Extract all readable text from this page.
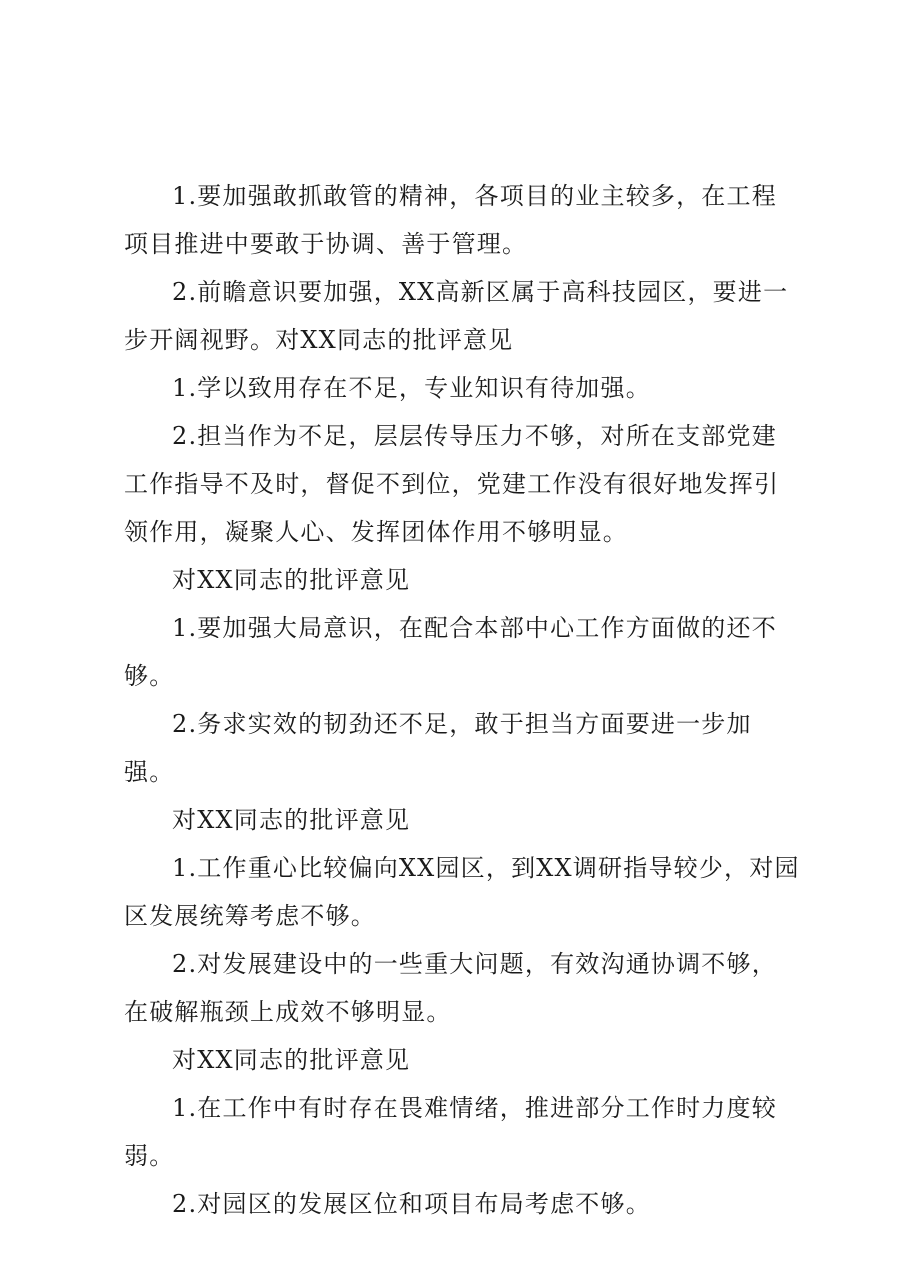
1.要加强敢抓敢管的精神，各项目的业主较多，在工程项目推进中要敢于协调、善于管理。

2.前瞻意识要加强，XX高新区属于高科技园区，要进一步开阔视野。对XX同志的批评意见

1.学以致用存在不足，专业知识有待加强。

2.担当作为不足，层层传导压力不够，对所在支部党建工作指导不及时，督促不到位，党建工作没有很好地发挥引领作用，凝聚人心、发挥团体作用不够明显。

对XX同志的批评意见

1.要加强大局意识，在配合本部中心工作方面做的还不够。

2.务求实效的韧劲还不足，敢于担当方面要进一步加强。

对XX同志的批评意见

1.工作重心比较偏向XX园区，到XX调研指导较少，对园区发展统筹考虑不够。

2.对发展建设中的一些重大问题，有效沟通协调不够，在破解瓶颈上成效不够明显。

对XX同志的批评意见

1.在工作中有时存在畏难情绪，推进部分工作时力度较弱。

2.对园区的发展区位和项目布局考虑不够。
